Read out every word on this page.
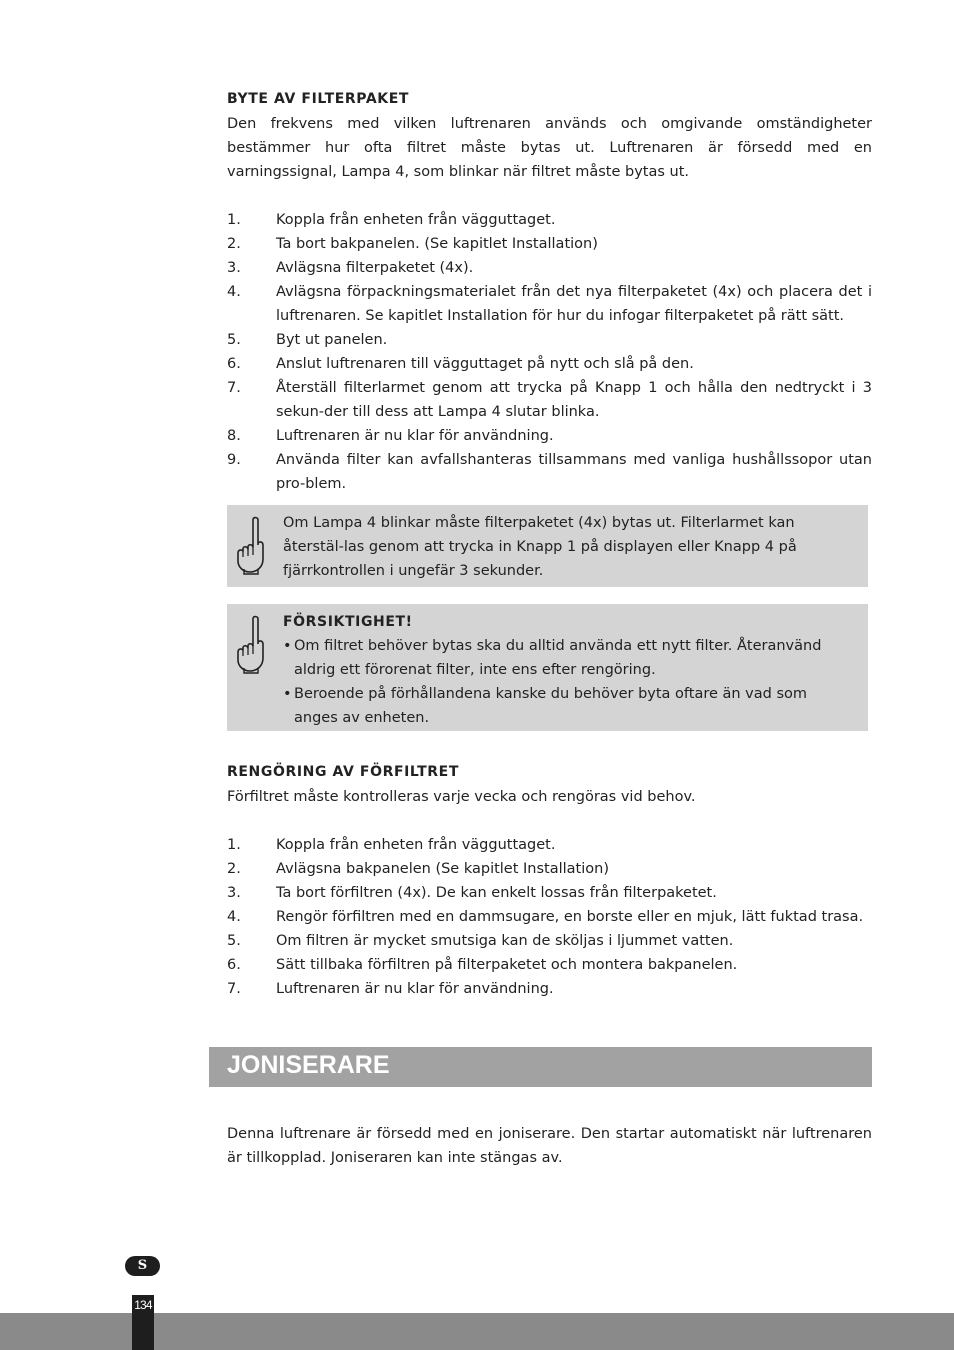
BYTE AV FILTERPAKET

Den frekvens med vilken luftrenaren används och omgivande omständigheter bestämmer hur ofta filtret måste bytas ut. Luftrenaren är försedd med en varningssignal, Lampa 4, som blinkar när filtret måste bytas ut.

1.	Koppla från enheten från vägguttaget.
2.	Ta bort bakpanelen. (Se kapitlet Installation)
3.	Avlägsna filterpaketet (4x).
4.	Avlägsna förpackningsmaterialet från det nya filterpaketet (4x) och placera det i luftrenaren. Se kapitlet Installation för hur du infogar filterpaketet på rätt sätt.
5.	Byt ut panelen.
6.	Anslut luftrenaren till vägguttaget på nytt och slå på den.
7.	Återställ filterlarmet genom att trycka på Knapp 1 och hålla den nedtryckt i 3 sekun-der till dess att Lampa 4 slutar blinka.
8.	Luftrenaren är nu klar för användning.
9.	Använda filter kan avfallshanteras tillsammans med vanliga hushållssopor utan pro-blem.
Om Lampa 4 blinkar måste filterpaketet (4x) bytas ut. Filterlarmet kan återstäl-las genom att trycka in Knapp 1 på displayen eller Knapp 4 på fjärrkontrollen i ungefär 3 sekunder.
FÖRSIKTIGHET!
• Om filtret behöver bytas ska du alltid använda ett nytt filter. Återanvänd aldrig ett förorenat filter, inte ens efter rengöring.
• Beroende på förhållandena kanske du behöver byta oftare än vad som anges av enheten.
RENGÖRING AV FÖRFILTRET

Förfiltret måste kontrolleras varje vecka och rengöras vid behov.

1.	Koppla från enheten från vägguttaget.
2.	Avlägsna bakpanelen (Se kapitlet Installation)
3.	Ta bort förfiltren (4x). De kan enkelt lossas från filterpaketet.
4.	Rengör förfiltren med en dammsugare, en borste eller en mjuk, lätt fuktad trasa.
5.	Om filtren är mycket smutsiga kan de sköljas i ljummet vatten.
6.	Sätt tillbaka förfiltren på filterpaketet och montera bakpanelen.
7.	Luftrenaren är nu klar för användning.
JONISERARE

Denna luftrenare är försedd med en joniserare. Den startar automatiskt när luftrenaren är tillkopplad. Joniseraren kan inte stängas av.

S
134
